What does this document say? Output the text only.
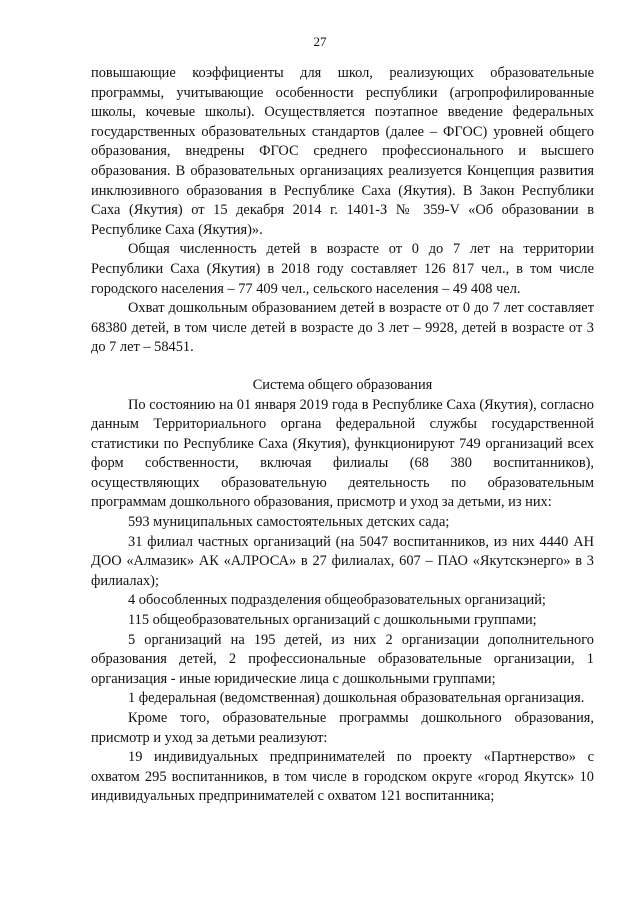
27

повышающие коэффициенты для школ, реализующих образовательные программы, учитывающие особенности республики (агропрофилированные школы, кочевые школы). Осуществляется поэтапное введение федеральных государственных образовательных стандартов (далее – ФГОС) уровней общего образования, внедрены ФГОС среднего профессионального и высшего образования. В образовательных организациях реализуется Концепция развития инклюзивного образования в Республике Саха (Якутия). В Закон Республики Саха (Якутия) от 15 декабря 2014 г. 1401-З № 359-V «Об образовании в Республике Саха (Якутия)».

Общая численность детей в возрасте от 0 до 7 лет на территории Республики Саха (Якутия) в 2018 году составляет 126 817 чел., в том числе городского населения – 77 409 чел., сельского населения – 49 408 чел.

Охват дошкольным образованием детей в возрасте от 0 до 7 лет составляет 68380 детей, в том числе детей в возрасте до 3 лет – 9928, детей в возрасте от 3 до 7 лет – 58451.

Система общего образования

По состоянию на 01 января 2019 года в Республике Саха (Якутия), согласно данным Территориального органа федеральной службы государственной статистики по Республике Саха (Якутия), функционируют 749 организаций всех форм собственности, включая филиалы (68 380 воспитанников), осуществляющих образовательную деятельность по образовательным программам дошкольного образования, присмотр и уход за детьми, из них:

593 муниципальных самостоятельных детских сада;

31 филиал частных организаций (на 5047 воспитанников, из них 4440 АН ДОО «Алмазик» АК «АЛРОСА» в 27 филиалах, 607 – ПАО «Якутскэнерго» в 3 филиалах);

4 обособленных подразделения общеобразовательных организаций;

115 общеобразовательных организаций с дошкольными группами;

5 организаций на 195 детей, из них 2 организации дополнительного образования детей, 2 профессиональные образовательные организации, 1 организация - иные юридические лица с дошкольными группами;

1 федеральная (ведомственная) дошкольная образовательная организация.

Кроме того, образовательные программы дошкольного образования, присмотр и уход за детьми реализуют:

19 индивидуальных предпринимателей по проекту «Партнерство» с охватом 295 воспитанников, в том числе в городском округе «город Якутск» 10 индивидуальных предпринимателей с охватом 121 воспитанника;
